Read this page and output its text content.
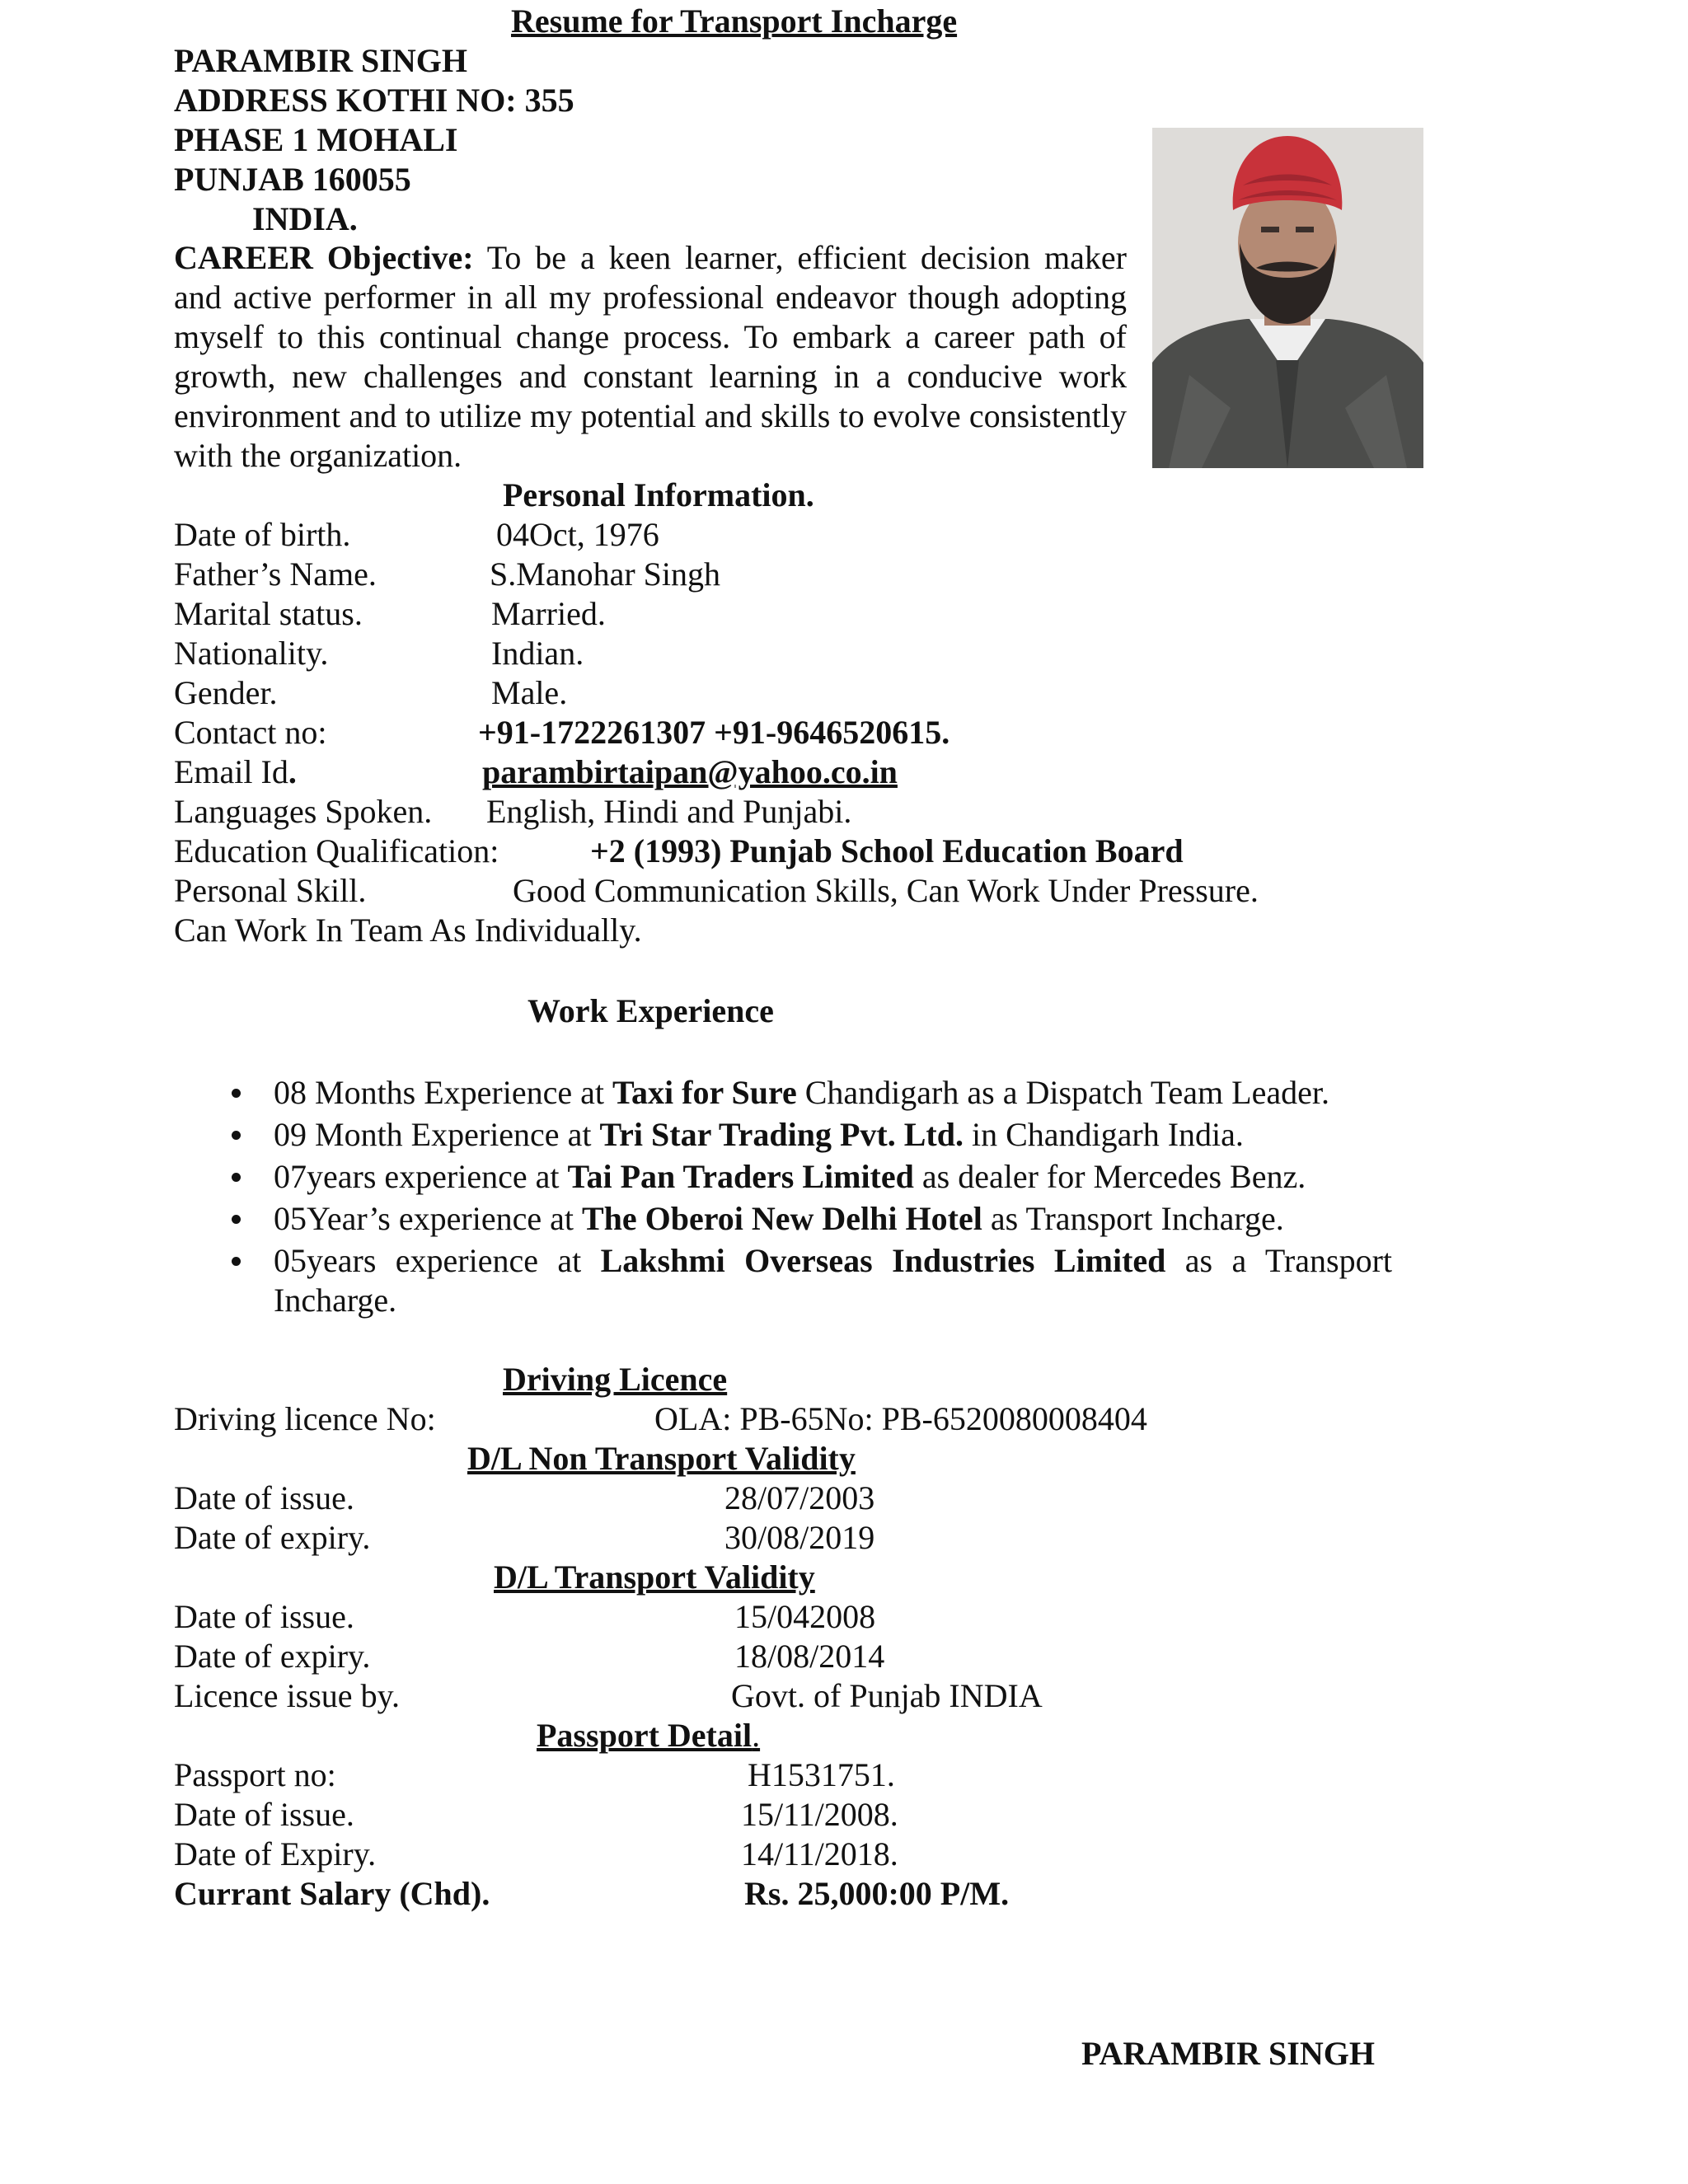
Resume for Transport Incharge
PARAMBIR SINGH
ADDRESS KOTHI NO: 355
PHASE 1 MOHALI
PUNJAB 160055
INDIA.
CAREER Objective: To be a keen learner, efficient decision maker and active performer in all my professional endeavor though adopting myself to this continual change process. To embark a career path of growth, new challenges and constant learning in a conducive work environment and to utilize my potential and skills to evolve consistently with the organization.
Personal Information.
Date of birth.	04Oct, 1976
Father’s Name.	S.Manohar Singh
Marital status.	Married.
Nationality.	Indian.
Gender.	Male.
Contact no:	+91-1722261307 +91-9646520615.
Email Id.	parambirtaipan@yahoo.co.in
Languages Spoken. English, Hindi and Punjabi.
Education Qualification:	+2 (1993) Punjab School Education Board
Personal Skill.	Good Communication Skills, Can Work Under Pressure.
Can Work In Team As Individually.
Work Experience
08 Months Experience at Taxi for Sure Chandigarh as a Dispatch Team Leader.
09 Month Experience at Tri Star Trading Pvt. Ltd. in Chandigarh India.
07years experience at Tai Pan Traders Limited as dealer for Mercedes Benz.
05Year’s experience at The Oberoi New Delhi Hotel as Transport Incharge.
05years experience at Lakshmi Overseas Industries Limited as a Transport Incharge.
Driving Licence
Driving licence No:	OLA: PB-65No: PB-6520080008404
D/L Non Transport Validity
Date of issue.	28/07/2003
Date of expiry.	30/08/2019
D/L Transport Validity
Date of issue.	15/042008
Date of expiry.	18/08/2014
Licence issue by.	Govt. of Punjab INDIA
Passport Detail.
Passport no:	H1531751.
Date of issue.	15/11/2008.
Date of Expiry.	14/11/2018.
Currant Salary (Chd).	Rs. 25,000:00 P/M.
PARAMBIR SINGH
